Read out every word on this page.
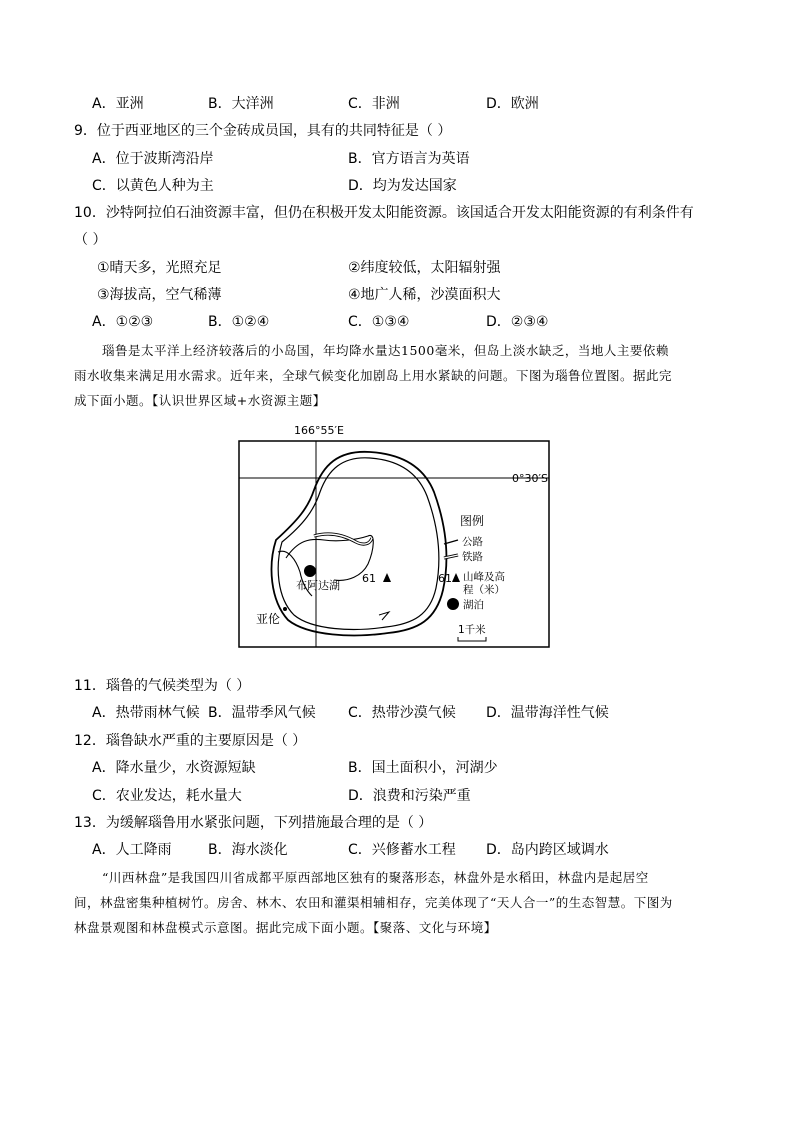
A．亚洲	B．大洋洲	C．非洲	D．欧洲
9．位于西亚地区的三个金砖成员国，具有的共同特征是（ ）
A．位于波斯湾沿岸	B．官方语言为英语
C．以黄色人种为主	D．均为发达国家
10．沙特阿拉伯石油资源丰富，但仍在积极开发太阳能资源。该国适合开发太阳能资源的有利条件有
（ ）
①晴天多，光照充足	②纬度较低，太阳辐射强
③海拔高，空气稀薄	④地广人稀，沙漠面积大
A．①②③	B．①②④	C．①③④	D．②③④
瑙鲁是太平洋上经济较落后的小岛国，年均降水量达1500毫米，但岛上淡水缺乏，当地人主要依赖
雨水收集来满足用水需求。近年来，全球气候变化加剧岛上用水紧缺的问题。下图为瑙鲁位置图。据此完
成下面小题。【认识世界区域+水资源主题】
布阿达湖
61
亚伦
图例
公路
铁路
61 山峰及高
程（米）
湖泊
1千米
166°55′E
0°30′S
11．瑙鲁的气候类型为（ ）
A．热带雨林气候 B．温带季风气候 C．热带沙漠气候 D．温带海洋性气候
12．瑙鲁缺水严重的主要原因是（ ）
A．降水量少，水资源短缺	B．国土面积小，河湖少
C．农业发达，耗水量大	D．浪费和污染严重
13．为缓解瑙鲁用水紧张问题，下列措施最合理的是（ ）
A．人工降雨	B．海水淡化	C．兴修蓄水工程 D．岛内跨区域调水
“川西林盘”是我国四川省成都平原西部地区独有的聚落形态，林盘外是水稻田，林盘内是起居空
间，林盘密集种植树竹。房舍、林木、农田和灌渠相辅相存，完美体现了“天人合一”的生态智慧。下图为
林盘景观图和林盘模式示意图。据此完成下面小题。【聚落、文化与环境】
